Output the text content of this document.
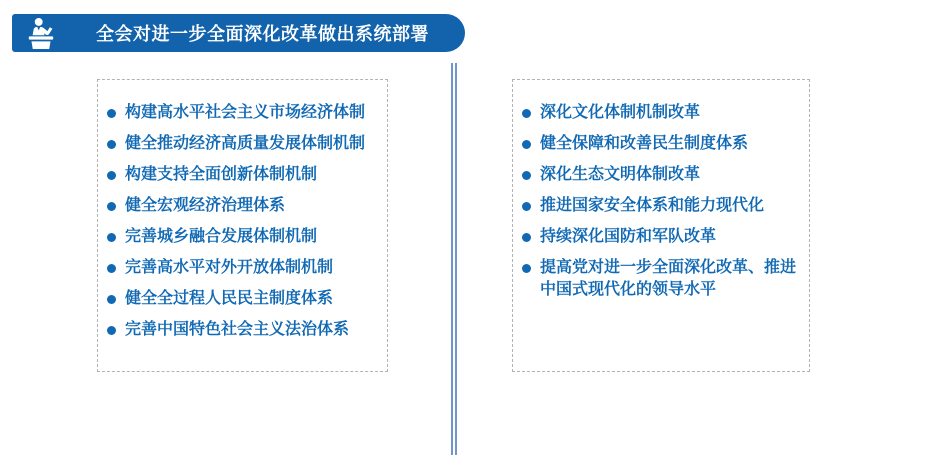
全会对进一步全面深化改革做出系统部署
构建高水平社会主义市场经济体制
健全推动经济高质量发展体制机制
构建支持全面创新体制机制
健全宏观经济治理体系
完善城乡融合发展体制机制
完善高水平对外开放体制机制
健全全过程人民民主制度体系
完善中国特色社会主义法治体系
深化文化体制机制改革
健全保障和改善民生制度体系
深化生态文明体制改革
推进国家安全体系和能力现代化
持续深化国防和军队改革
提高党对进一步全面深化改革、推进中国式现代化的领导水平
